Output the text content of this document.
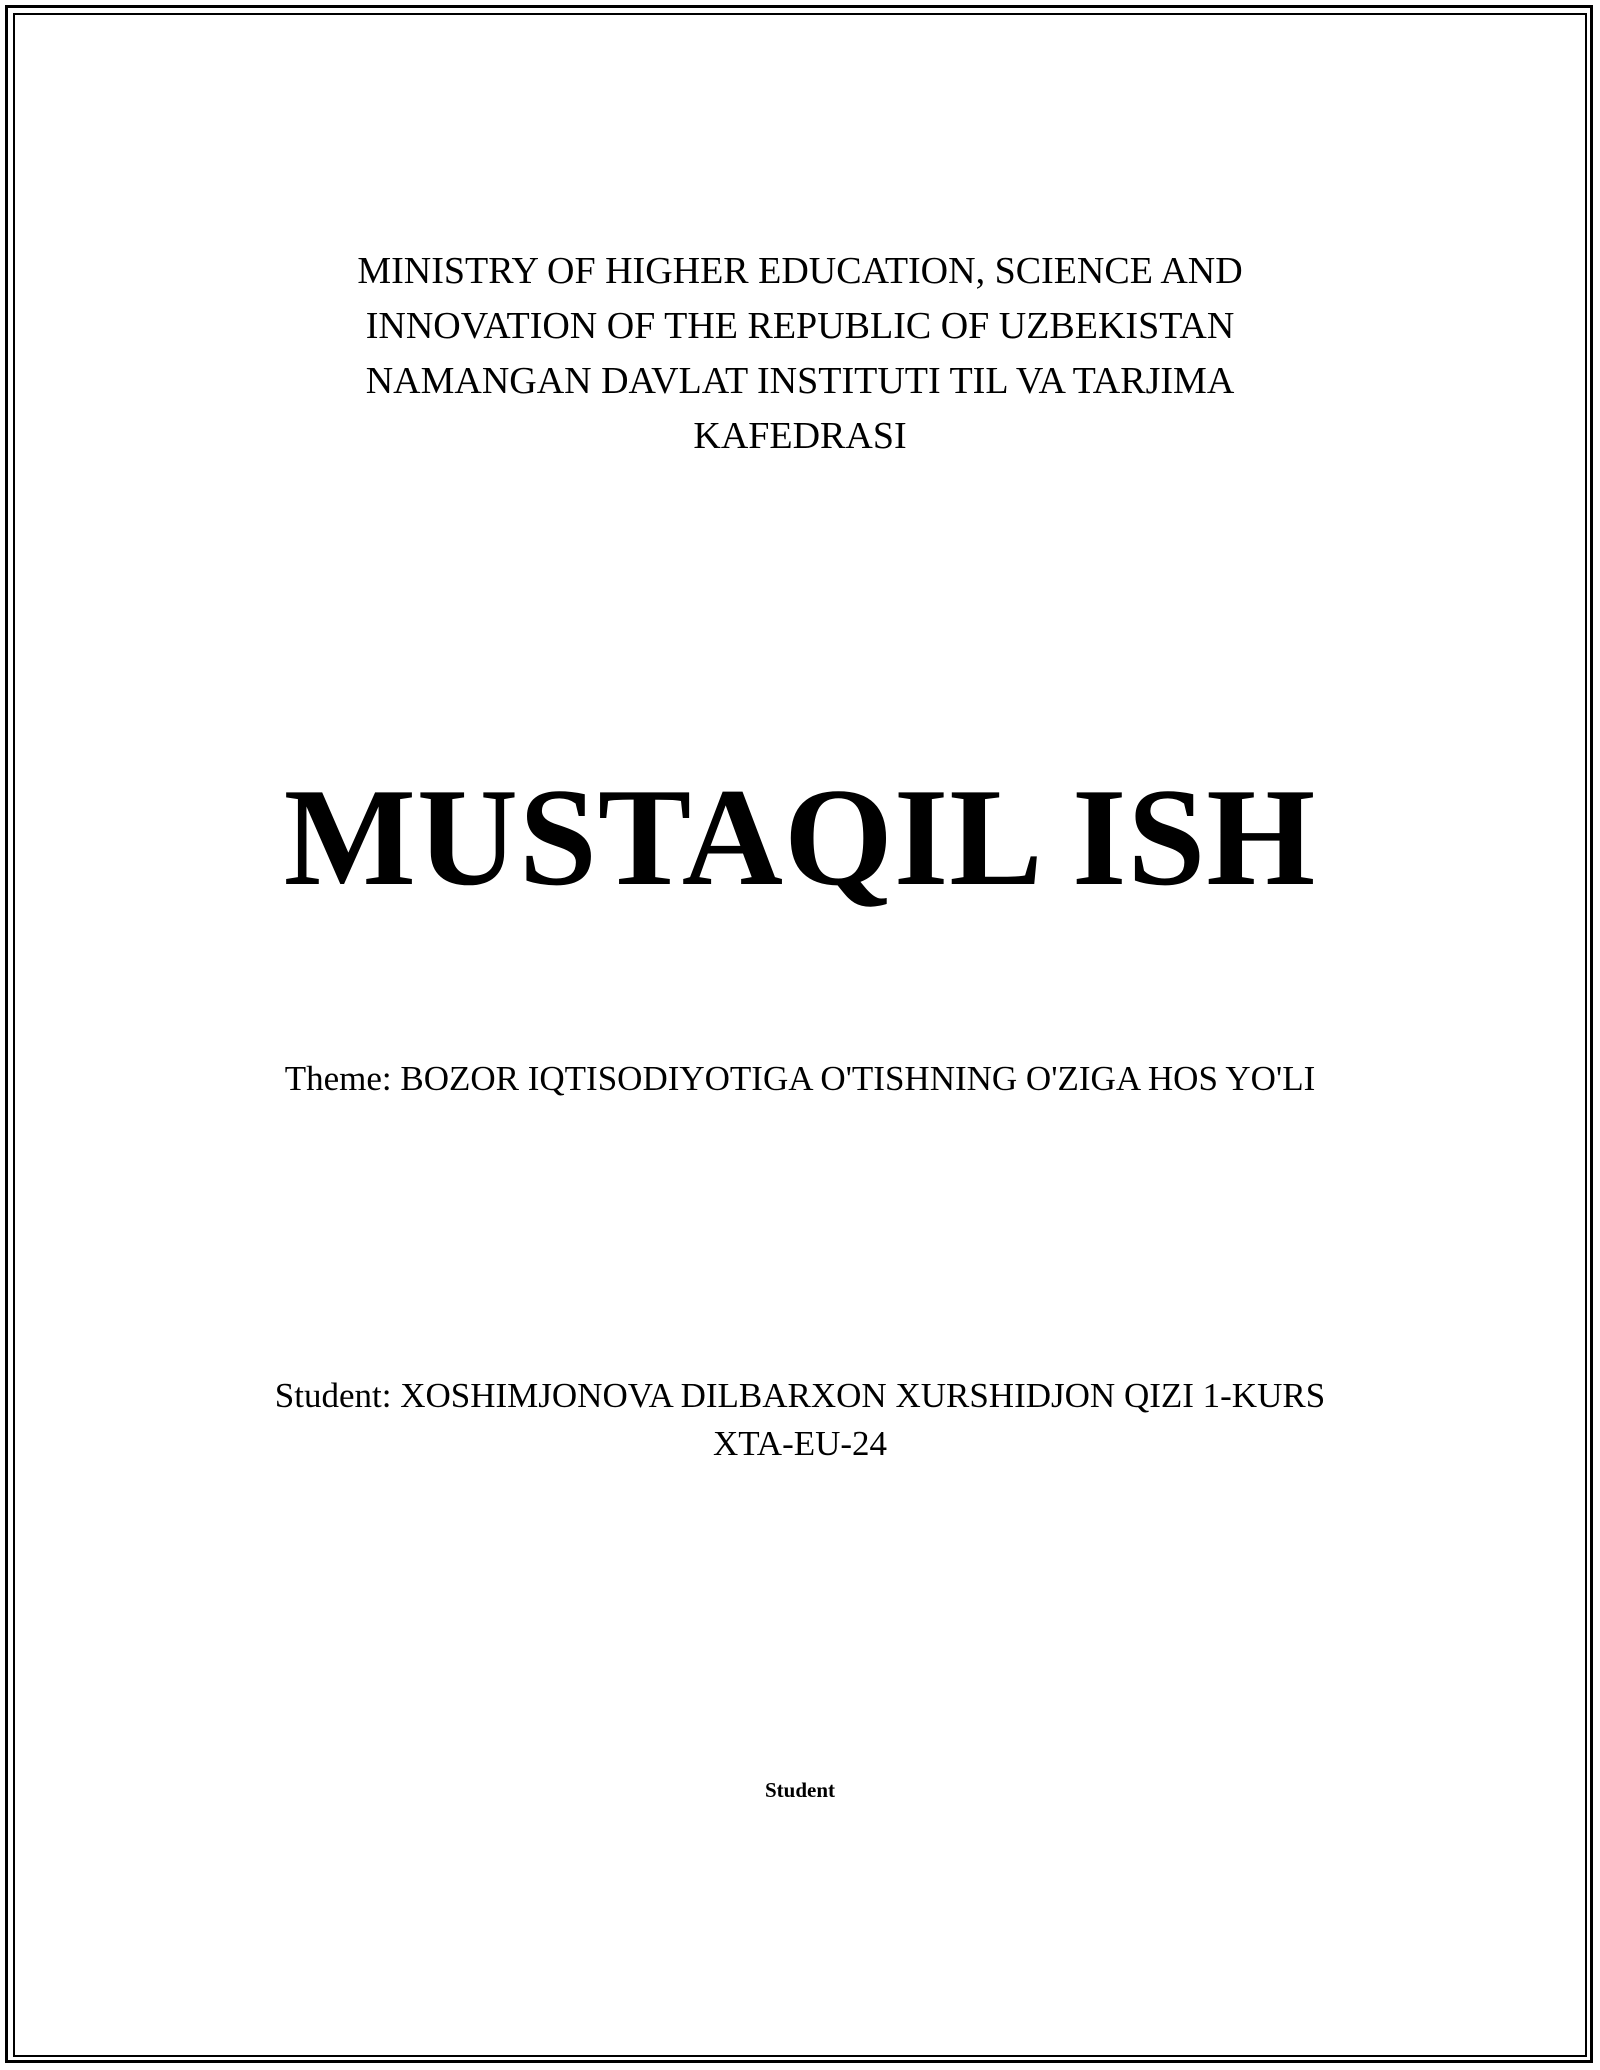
MINISTRY OF HIGHER EDUCATION, SCIENCE AND
INNOVATION OF THE REPUBLIC OF UZBEKISTAN
NAMANGAN DAVLAT INSTITUTI TIL VA TARJIMA
KAFEDRASI
MUSTAQIL ISH
Theme: BOZOR IQTISODIYOTIGA O'TISHNING O'ZIGA HOS YO'LI
Student: XOSHIMJONOVA DILBARXON XURSHIDJON QIZI 1-KURS
XTA-EU-24
Student
